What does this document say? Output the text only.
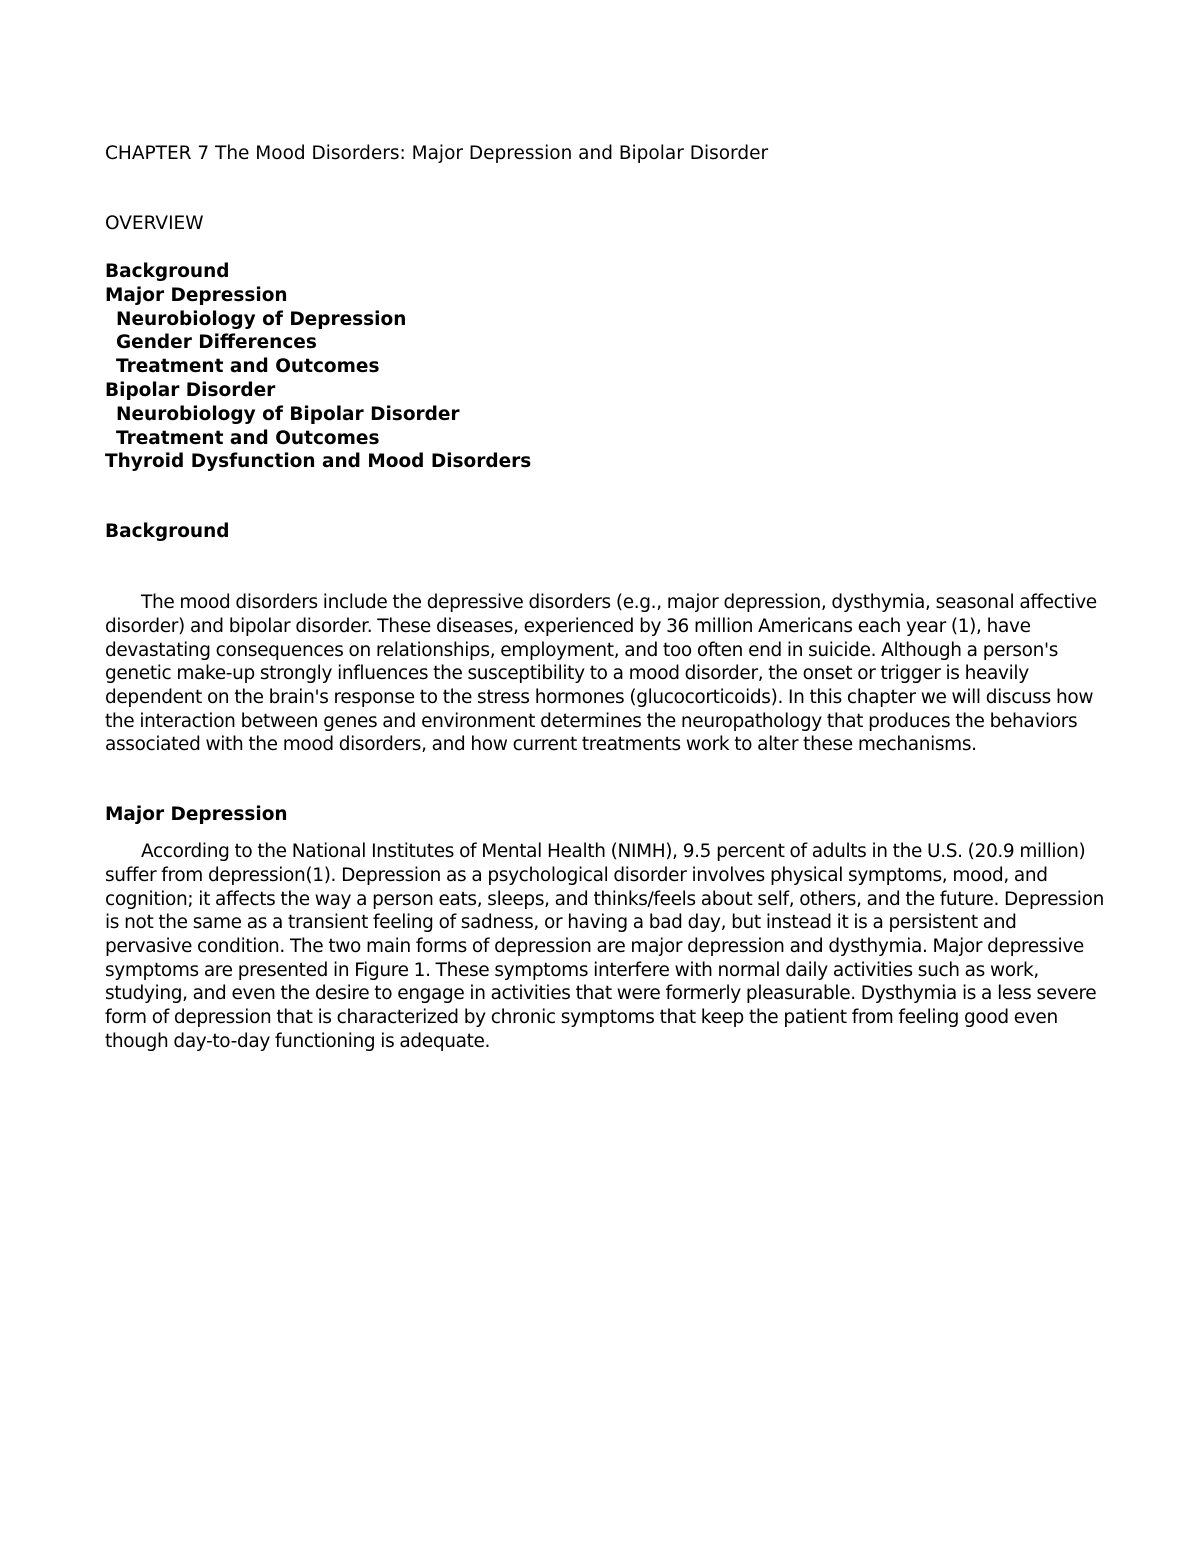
CHAPTER 7 The Mood Disorders: Major Depression and Bipolar Disorder
OVERVIEW
Background
Major Depression
Neurobiology of Depression
Gender Differences
Treatment and Outcomes
Bipolar Disorder
Neurobiology of Bipolar Disorder
Treatment and Outcomes
Thyroid Dysfunction and Mood Disorders
Background

The mood disorders include the depressive disorders (e.g., major depression, dysthymia, seasonal affective disorder) and bipolar disorder. These diseases, experienced by 36 million Americans each year (1), have devastating consequences on relationships, employment, and too often end in suicide. Although a person's genetic make-up strongly influences the susceptibility to a mood disorder, the onset or trigger is heavily dependent on the brain's response to the stress hormones (glucocorticoids). In this chapter we will discuss how the interaction between genes and environment determines the neuropathology that produces the behaviors associated with the mood disorders, and how current treatments work to alter these mechanisms.

Major Depression

According to the National Institutes of Mental Health (NIMH), 9.5 percent of adults in the U.S. (20.9 million) suffer from depression(1). Depression as a psychological disorder involves physical symptoms, mood, and cognition; it affects the way a person eats, sleeps, and thinks/feels about self, others, and the future. Depression is not the same as a transient feeling of sadness, or having a bad day, but instead it is a persistent and pervasive condition. The two main forms of depression are major depression and dysthymia. Major depressive symptoms are presented in Figure 1. These symptoms interfere with normal daily activities such as work, studying, and even the desire to engage in activities that were formerly pleasurable. Dysthymia is a less severe form of depression that is characterized by chronic symptoms that keep the patient from feeling good even though day-to-day functioning is adequate.
